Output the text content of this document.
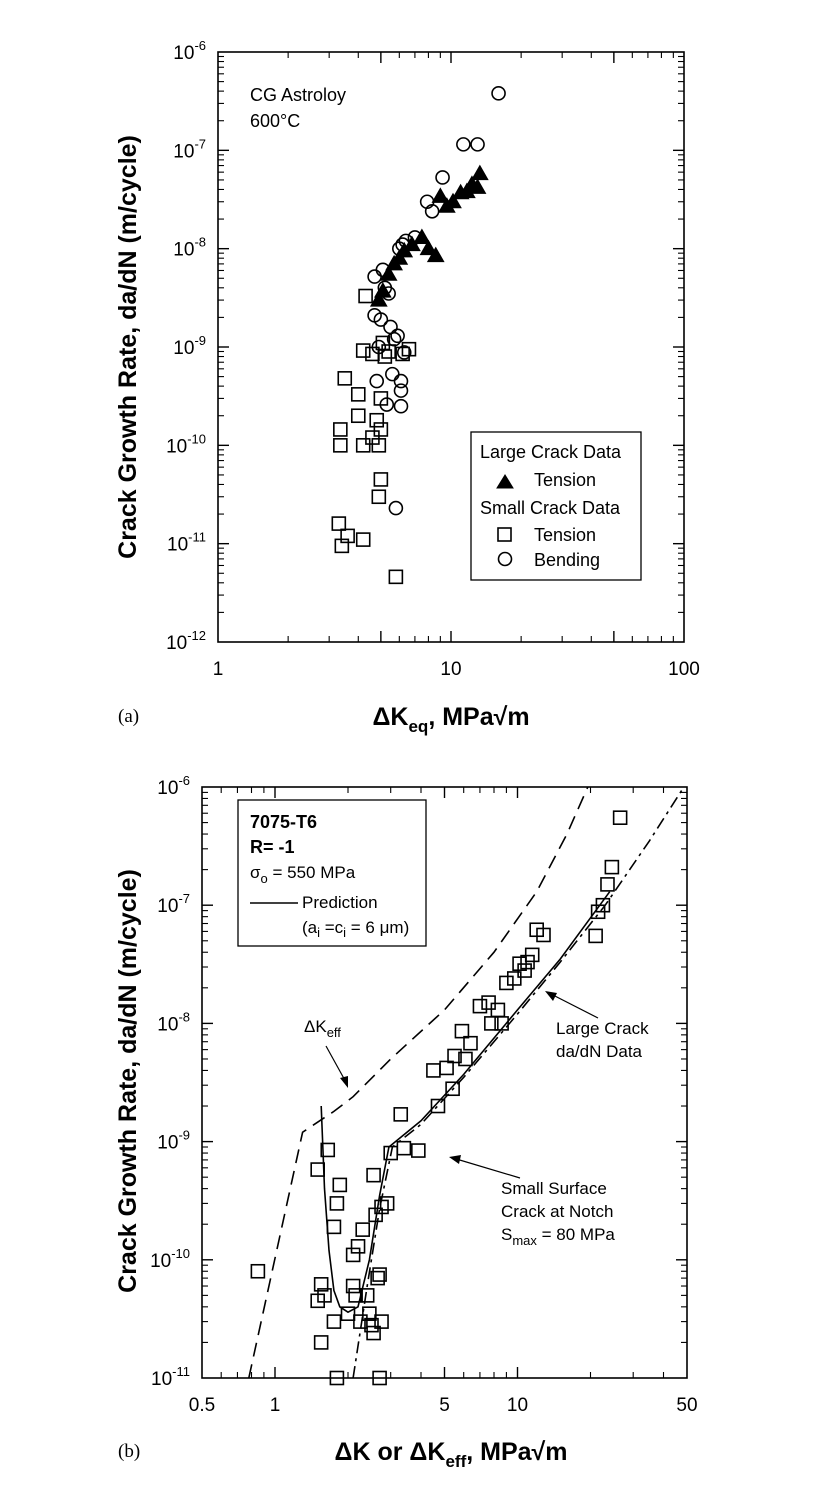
$10^{-12}$
$10^{-11}$
$10^{-10}$
$10^{-9}$
$10^{-8}$
$10^{-7}$
$10^{-6}$
1	10	100
CG Astroloy
600°C
Large Crack Data
Tension
Small Crack Data
Tension
Bending
Crack Growth Rate, da/dN (m/cycle)
$\Delta K_{eq}$, MPa√m
(a)
$10^{-11}$
$10^{-10}$
$10^{-9}$
$10^{-8}$
$10^{-7}$
$10^{-6}$
0.5	1	5	10	50
7075-T6
R= -1
$\sigma_o = 550$ MPa
Prediction
($a_i =c_i = 6$ μm)
$\Delta K_{eff}$	Large Crack
da/dN Data
Small Surface
Crack at Notch
$S_{max} = 80$ MPa
Crack Growth Rate, da/dN (m/cycle)
ΔK or $\Delta K_{eff}$, MPa√m
(b)
